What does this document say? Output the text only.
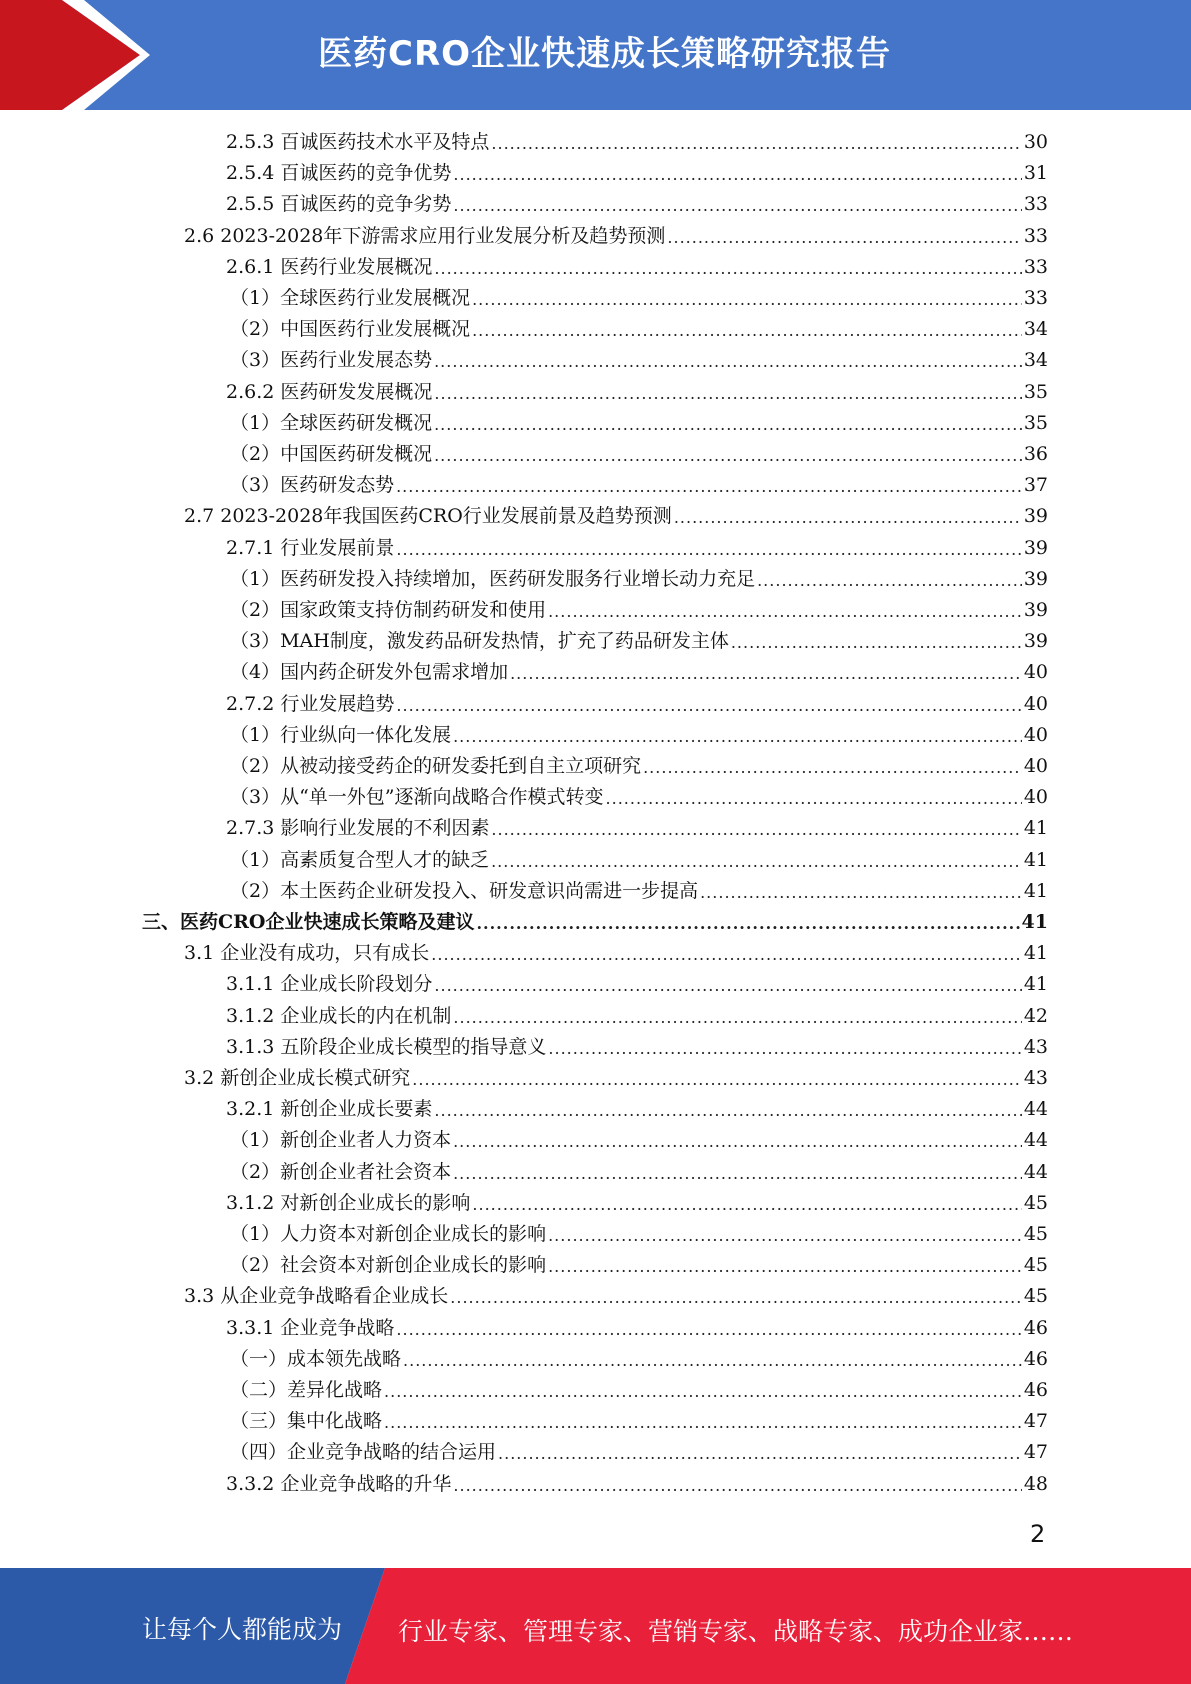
医药CRO企业快速成长策略研究报告
2.5.3 百诚医药技术水平及特点 .....	30
2.5.4 百诚医药的竞争优势 .....	31
2.5.5 百诚医药的竞争劣势 .....	33
2.6 2023-2028年下游需求应用行业发展分析及趋势预测 .....	33
2.6.1 医药行业发展概况 .....	33
（1）全球医药行业发展概况 .....	33
（2）中国医药行业发展概况 .....	34
（3）医药行业发展态势 .....	34
2.6.2 医药研发发展概况 .....	35
（1）全球医药研发概况 .....	35
（2）中国医药研发概况 .....	36
（3）医药研发态势 .....	37
2.7 2023-2028年我国医药CRO行业发展前景及趋势预测 .....	39
2.7.1 行业发展前景 .....	39
（1）医药研发投入持续增加，医药研发服务行业增长动力充足 .....	39
（2）国家政策支持仿制药研发和使用 .....	39
（3）MAH制度，激发药品研发热情，扩充了药品研发主体 .....	39
（4）国内药企研发外包需求增加 .....	40
2.7.2 行业发展趋势 .....	40
（1）行业纵向一体化发展 .....	40
（2）从被动接受药企的研发委托到自主立项研究 .....	40
（3）从“单一外包”逐渐向战略合作模式转变 .....	40
2.7.3 影响行业发展的不利因素 .....	41
（1）高素质复合型人才的缺乏 .....	41
（2）本土医药企业研发投入、研发意识尚需进一步提高 .....	41
三、医药CRO企业快速成长策略及建议 .....	41
3.1 企业没有成功，只有成长 .....	41
3.1.1 企业成长阶段划分 .....	41
3.1.2 企业成长的内在机制 .....	42
3.1.3 五阶段企业成长模型的指导意义 .....	43
3.2 新创企业成长模式研究 .....	43
3.2.1 新创企业成长要素 .....	44
（1）新创企业者人力资本 .....	44
（2）新创企业者社会资本 .....	44
3.1.2 对新创企业成长的影响 .....	45
（1）人力资本对新创企业成长的影响 .....	45
（2）社会资本对新创企业成长的影响 .....	45
3.3 从企业竞争战略看企业成长 .....	45
3.3.1 企业竞争战略 .....	46
（一）成本领先战略 .....	46
（二）差异化战略 .....	46
（三）集中化战略 .....	47
（四）企业竞争战略的结合运用 .....	47
3.3.2 企业竞争战略的升华 .....	48
2
让每个人都能成为 行业专家、管理专家、营销专家、战略专家、成功企业家……
